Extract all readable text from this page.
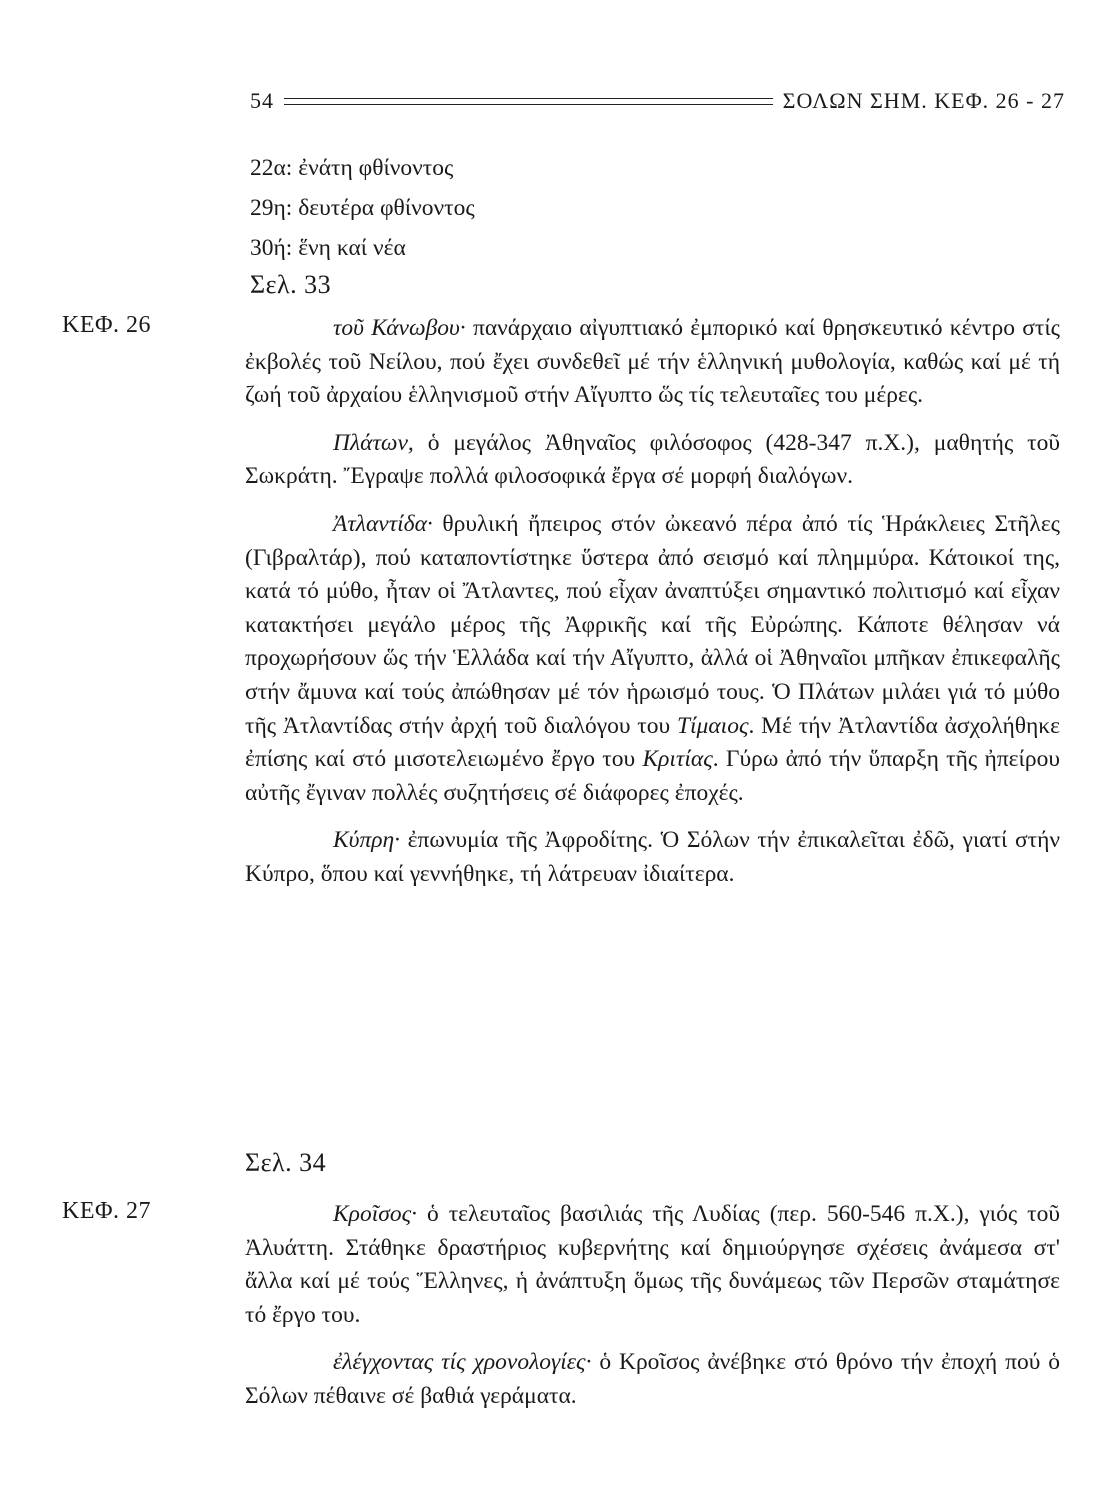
54	ΣΟΛΩΝ ΣΗΜ. ΚΕΦ. 26 - 27
22α: ἐνάτη φθίνοντος
29η: δευτέρα φθίνοντος
30ή: ἕνη καί νέα
Σελ. 33
ΚΕΦ. 26	τοῦ Κάνωβου· πανάρχαιο αἰγυπτιακό ἐμπορικό καί θρησκευτικό κέντρο στίς ἐκβολές τοῦ Νείλου, πού ἔχει συνδεθεῖ μέ τήν ἑλληνική μυθολογία, καθώς καί μέ τή ζωή τοῦ ἀρχαίου ἑλληνισμοῦ στήν Αἴγυπτο ὥς τίς τελευταῖες του μέρες.

Πλάτων, ὁ μεγάλος Ἀθηναῖος φιλόσοφος (428-347 π.Χ.), μαθητής τοῦ Σωκράτη. Ἔγραψε πολλά φιλοσοφικά ἔργα σέ μορφή διαλόγων.

Ἀτλαντίδα· θρυλική ἤπειρος στόν ὠκεανό πέρα ἀπό τίς Ἡράκλειες Στῆλες (Γιβραλτάρ), πού καταποντίστηκε ὕστερα ἀπό σεισμό καί πλημμύρα. Κάτοικοί της, κατά τό μύθο, ἦταν οἱ Ἄτλαντες, πού εἶχαν ἀναπτύξει σημαντικό πολιτισμό καί εἶχαν κατακτήσει μεγάλο μέρος τῆς Ἀφρικῆς καί τῆς Εὐρώπης. Κάποτε θέλησαν νά προχωρήσουν ὥς τήν Ἑλλάδα καί τήν Αἴγυπτο, ἀλλά οἱ Ἀθηναῖοι μπῆκαν ἐπικεφαλῆς στήν ἄμυνα καί τούς ἀπώθησαν μέ τόν ἡρωισμό τους. Ὁ Πλάτων μιλάει γιά τό μύθο τῆς Ἀτλαντίδας στήν ἀρχή τοῦ διαλόγου του Τίμαιος. Μέ τήν Ἀτλαντίδα ἀσχολήθηκε ἐπίσης καί στό μισοτελειωμένο ἔργο του Κριτίας. Γύρω ἀπό τήν ὕπαρξη τῆς ἠπείρου αὐτῆς ἔγιναν πολλές συζητήσεις σέ διάφορες ἐποχές.

Κύπρη· ἐπωνυμία τῆς Ἀφροδίτης. Ὁ Σόλων τήν ἐπικαλεῖται ἐδῶ, γιατί στήν Κύπρο, ὅπου καί γεννήθηκε, τή λάτρευαν ἰδιαίτερα.

Σελ. 34
ΚΕΦ. 27	Κροῖσος· ὁ τελευταῖος βασιλιάς τῆς Λυδίας (περ. 560-546 π.Χ.), γιός τοῦ Ἀλυάττη. Στάθηκε δραστήριος κυβερνήτης καί δημιούργησε σχέσεις ἀνάμεσα στ' ἄλλα καί μέ τούς Ἕλληνες, ἡ ἀνάπτυξη ὅμως τῆς δυνάμεως τῶν Περσῶν σταμάτησε τό ἔργο του.

ἐλέγχοντας τίς χρονολογίες· ὁ Κροῖσος ἀνέβηκε στό θρόνο τήν ἐποχή πού ὁ Σόλων πέθαινε σέ βαθιά γεράματα.
